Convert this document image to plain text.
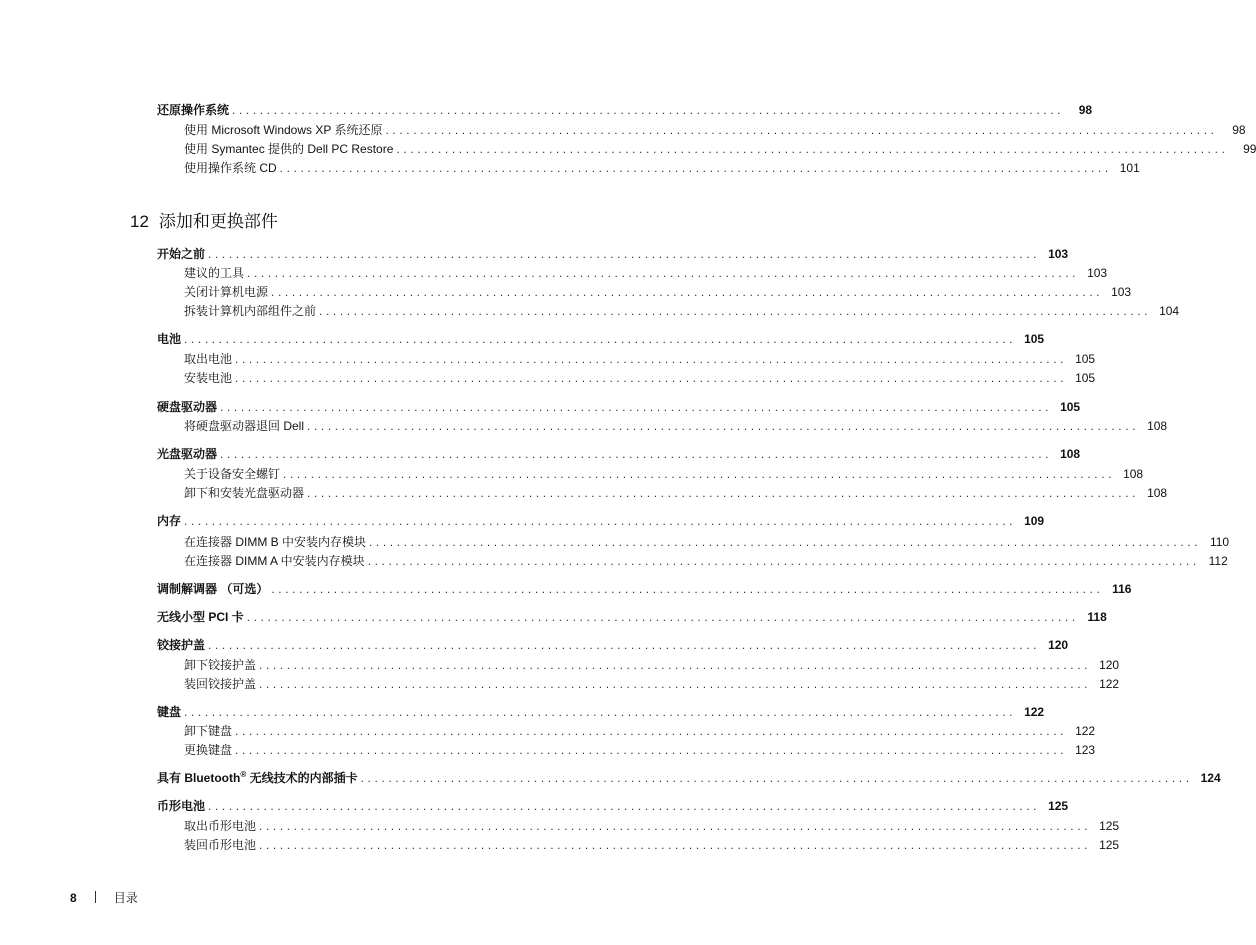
还原操作系统 ........................................................................................................................	98
使用 Microsoft Windows XP 系统还原 ........................................................................................................................	98
使用 Symantec 提供的 Dell PC Restore ........................................................................................................................	99
使用操作系统 CD ........................................................................................................................ 101
12 添加和更换部件
开始之前 ........................................................................................................................ 103
建议的工具 ........................................................................................................................ 103
关闭计算机电源 ........................................................................................................................ 103
拆装计算机内部组件之前 ........................................................................................................................ 104
电池 ........................................................................................................................ 105
取出电池 ........................................................................................................................ 105
安装电池 ........................................................................................................................ 105
硬盘驱动器 ........................................................................................................................ 105
将硬盘驱动器退回 Dell ........................................................................................................................ 108
光盘驱动器 ........................................................................................................................ 108
关于设备安全螺钉 ........................................................................................................................ 108
卸下和安装光盘驱动器 ........................................................................................................................ 108
内存 ........................................................................................................................ 109
在连接器 DIMM B 中安装内存模块 ........................................................................................................................ 110
在连接器 DIMM A 中安装内存模块 ........................................................................................................................ 112
调制解调器 （可选） ........................................................................................................................ 116
无线小型 PCI 卡 ........................................................................................................................ 118
铰接护盖 ........................................................................................................................ 120
卸下铰接护盖 ........................................................................................................................ 120
装回铰接护盖 ........................................................................................................................ 122
键盘 ........................................................................................................................ 122
卸下键盘 ........................................................................................................................ 122
更换键盘 ........................................................................................................................ 123
具有 Bluetooth® 无线技术的内部插卡 ........................................................................................................................ 124
币形电池 ........................................................................................................................ 125
取出币形电池 ........................................................................................................................ 125
装回币形电池 ........................................................................................................................ 125
8	目录
